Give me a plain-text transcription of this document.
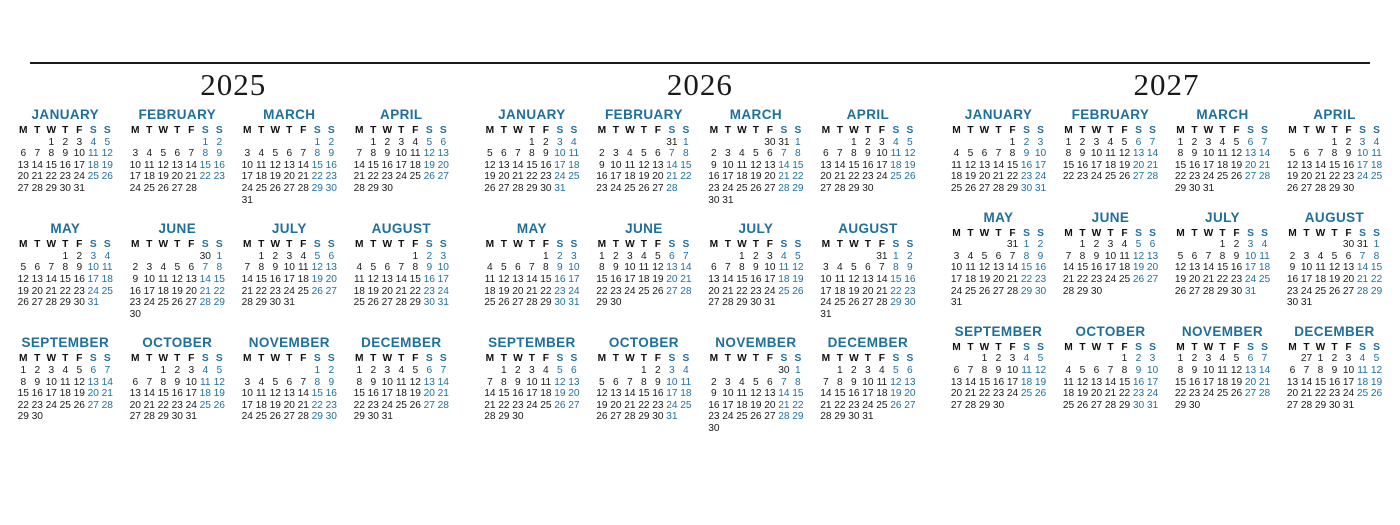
2025
JANUARY
M	T	W	T	F	S	S
		1	2	3	4	5
6	7	8	9	10	11	12
13	14	15	16	17	18	19
20	21	22	23	24	25	26
27	28	29	30	31		
FEBRUARY
M	T	W	T	F	S	S
					1	2
3	4	5	6	7	8	9
10	11	12	13	14	15	16
17	18	19	20	21	22	23
24	25	26	27	28		
MARCH
M	T	W	T	F	S	S
					1	2
3	4	5	6	7	8	9
10	11	12	13	14	15	16
17	18	19	20	21	22	23
24	25	26	27	28	29	30
31						
APRIL
M	T	W	T	F	S	S
	1	2	3	4	5	6
7	8	9	10	11	12	13
14	15	16	17	18	19	20
21	22	23	24	25	26	27
28	29	30				
MAY
M	T	W	T	F	S	S
			1	2	3	4
5	6	7	8	9	10	11
12	13	14	15	16	17	18
19	20	21	22	23	24	25
26	27	28	29	30	31	
JUNE
M	T	W	T	F	S	S
					30	1
2	3	4	5	6	7	8
9	10	11	12	13	14	15
16	17	18	19	20	21	22
23	24	25	26	27	28	29
30						
JULY
M	T	W	T	F	S	S
	1	2	3	4	5	6
7	8	9	10	11	12	13
14	15	16	17	18	19	20
21	22	23	24	25	26	27
28	29	30	31			
AUGUST
M	T	W	T	F	S	S
				1	2	3
4	5	6	7	8	9	10
11	12	13	14	15	16	17
18	19	20	21	22	23	24
25	26	27	28	29	30	31
SEPTEMBER
M	T	W	T	F	S	S
1	2	3	4	5	6	7
8	9	10	11	12	13	14
15	16	17	18	19	20	21
22	23	24	25	26	27	28
29	30					
OCTOBER
M	T	W	T	F	S	S
		1	2	3	4	5
6	7	8	9	10	11	12
13	14	15	16	17	18	19
20	21	22	23	24	25	26
27	28	29	30	31		
NOVEMBER
M	T	W	T	F	S	S
					1	2
3	4	5	6	7	8	9
10	11	12	13	14	15	16
17	18	19	20	21	22	23
24	25	26	27	28	29	30
DECEMBER
M	T	W	T	F	S	S
1	2	3	4	5	6	7
8	9	10	11	12	13	14
15	16	17	18	19	20	21
22	23	24	25	26	27	28
29	30	31				
2026
JANUARY
M	T	W	T	F	S	S
			1	2	3	4
5	6	7	8	9	10	11
12	13	14	15	16	17	18
19	20	21	22	23	24	25
26	27	28	29	30	31	
FEBRUARY
M	T	W	T	F	S	S
					31	1
2	3	4	5	6	7	8
9	10	11	12	13	14	15
16	17	18	19	20	21	22
23	24	25	26	27	28	
MARCH
M	T	W	T	F	S	S
				30	31	1
2	3	4	5	6	7	8
9	10	11	12	13	14	15
16	17	18	19	20	21	22
23	24	25	26	27	28	29
30	31					
APRIL
M	T	W	T	F	S	S
		1	2	3	4	5
6	7	8	9	10	11	12
13	14	15	16	17	18	19
20	21	22	23	24	25	26
27	28	29	30			
MAY
M	T	W	T	F	S	S
				1	2	3
4	5	6	7	8	9	10
11	12	13	14	15	16	17
18	19	20	21	22	23	24
25	26	27	28	29	30	31
JUNE
M	T	W	T	F	S	S
1	2	3	4	5	6	7
8	9	10	11	12	13	14
15	16	17	18	19	20	21
22	23	24	25	26	27	28
29	30					
JULY
M	T	W	T	F	S	S
		1	2	3	4	5
6	7	8	9	10	11	12
13	14	15	16	17	18	19
20	21	22	23	24	25	26
27	28	29	30	31		
AUGUST
M	T	W	T	F	S	S
				31	1	2
3	4	5	6	7	8	9
10	11	12	13	14	15	16
17	18	19	20	21	22	23
24	25	26	27	28	29	30
31						
SEPTEMBER
M	T	W	T	F	S	S
	1	2	3	4	5	6
7	8	9	10	11	12	13
14	15	16	17	18	19	20
21	22	23	24	25	26	27
28	29	30				
OCTOBER
M	T	W	T	F	S	S
			1	2	3	4
5	6	7	8	9	10	11
12	13	14	15	16	17	18
19	20	21	22	23	24	25
26	27	28	29	30	31	
NOVEMBER
M	T	W	T	F	S	S
					30	1
2	3	4	5	6	7	8
9	10	11	12	13	14	15
16	17	18	19	20	21	22
23	24	25	26	27	28	29
30						
DECEMBER
M	T	W	T	F	S	S
	1	2	3	4	5	6
7	8	9	10	11	12	13
14	15	16	17	18	19	20
21	22	23	24	25	26	27
28	29	30	31			
2027
JANUARY
M	T	W	T	F	S	S
				1	2	3
4	5	6	7	8	9	10
11	12	13	14	15	16	17
18	19	20	21	22	23	24
25	26	27	28	29	30	31
FEBRUARY
M	T	W	T	F	S	S
1	2	3	4	5	6	7
8	9	10	11	12	13	14
15	16	17	18	19	20	21
22	23	24	25	26	27	28
MARCH
M	T	W	T	F	S	S
1	2	3	4	5	6	7
8	9	10	11	12	13	14
15	16	17	18	19	20	21
22	23	24	25	26	27	28
29	30	31				
APRIL
M	T	W	T	F	S	S
			1	2	3	4
5	6	7	8	9	10	11
12	13	14	15	16	17	18
19	20	21	22	23	24	25
26	27	28	29	30		
MAY
M	T	W	T	F	S	S
				31	1	2
3	4	5	6	7	8	9
10	11	12	13	14	15	16
17	18	19	20	21	22	23
24	25	26	27	28	29	30
31						
JUNE
M	T	W	T	F	S	S
	1	2	3	4	5	6
7	8	9	10	11	12	13
14	15	16	17	18	19	20
21	22	23	24	25	26	27
28	29	30				
JULY
M	T	W	T	F	S	S
			1	2	3	4
5	6	7	8	9	10	11
12	13	14	15	16	17	18
19	20	21	22	23	24	25
26	27	28	29	30	31	
AUGUST
M	T	W	T	F	S	S
				30	31	1
2	3	4	5	6	7	8
9	10	11	12	13	14	15
16	17	18	19	20	21	22
23	24	25	26	27	28	29
30	31					
SEPTEMBER
M	T	W	T	F	S	S
		1	2	3	4	5
6	7	8	9	10	11	12
13	14	15	16	17	18	19
20	21	22	23	24	25	26
27	28	29	30			
OCTOBER
M	T	W	T	F	S	S
				1	2	3
4	5	6	7	8	9	10
11	12	13	14	15	16	17
18	19	20	21	22	23	24
25	26	27	28	29	30	31
NOVEMBER
M	T	W	T	F	S	S
1	2	3	4	5	6	7
8	9	10	11	12	13	14
15	16	17	18	19	20	21
22	23	24	25	26	27	28
29	30					
DECEMBER
M	T	W	T	F	S	S
	27	1	2	3	4	5
6	7	8	9	10	11	12
13	14	15	16	17	18	19
20	21	22	23	24	25	26
27	28	29	30	31		
